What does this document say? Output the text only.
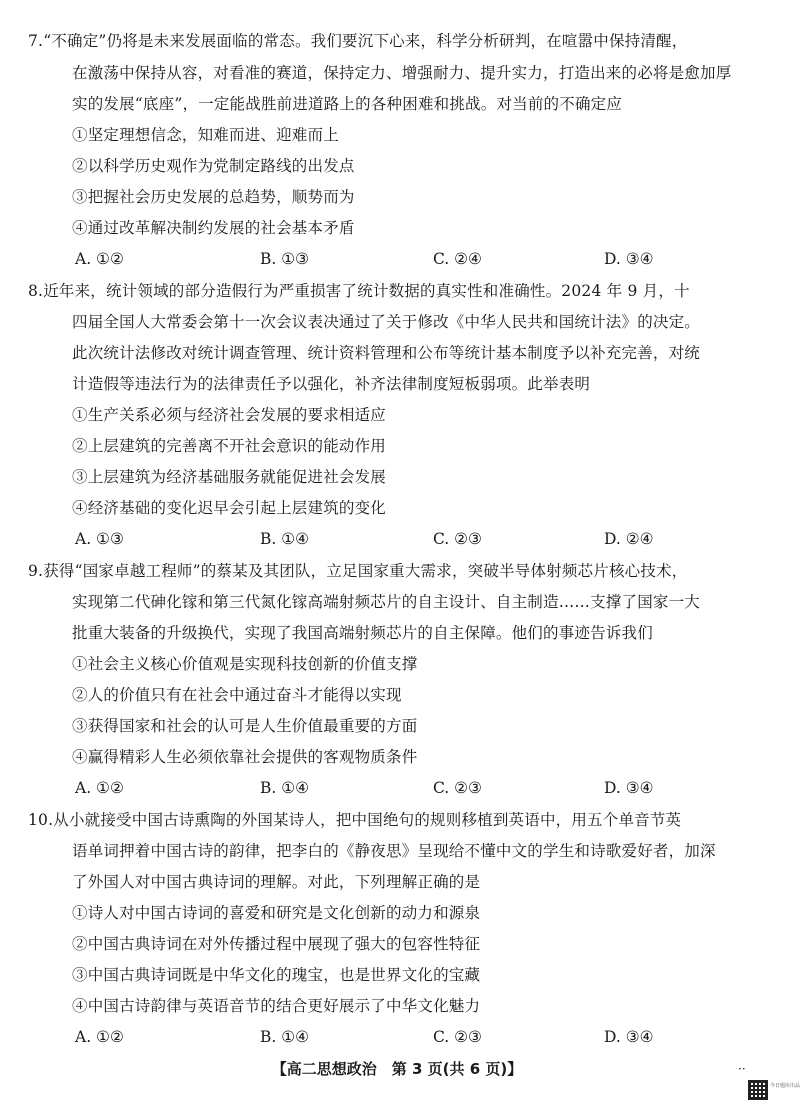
7.“不确定”仍将是未来发展面临的常态。我们要沉下心来，科学分析研判，在喧嚣中保持清醒，
在激荡中保持从容，对看准的赛道，保持定力、增强耐力、提升实力，打造出来的必将是愈加厚
实的发展“底座”，一定能战胜前进道路上的各种困难和挑战。对当前的不确定应
①坚定理想信念，知难而进、迎难而上
②以科学历史观作为党制定路线的出发点
③把握社会历史发展的总趋势，顺势而为
④通过改革解决制约发展的社会基本矛盾
A. ①②	B. ①③	C. ②④	D. ③④
8.近年来，统计领域的部分造假行为严重损害了统计数据的真实性和准确性。2024 年 9 月，十
四届全国人大常委会第十一次会议表决通过了关于修改《中华人民共和国统计法》的决定。
此次统计法修改对统计调查管理、统计资料管理和公布等统计基本制度予以补充完善，对统
计造假等违法行为的法律责任予以强化，补齐法律制度短板弱项。此举表明
①生产关系必须与经济社会发展的要求相适应
②上层建筑的完善离不开社会意识的能动作用
③上层建筑为经济基础服务就能促进社会发展
④经济基础的变化迟早会引起上层建筑的变化
A. ①③	B. ①④	C. ②③	D. ②④
9.获得“国家卓越工程师”的蔡某及其团队，立足国家重大需求，突破半导体射频芯片核心技术，
实现第二代砷化镓和第三代氮化镓高端射频芯片的自主设计、自主制造……支撑了国家一大
批重大装备的升级换代，实现了我国高端射频芯片的自主保障。他们的事迹告诉我们
①社会主义核心价值观是实现科技创新的价值支撑
②人的价值只有在社会中通过奋斗才能得以实现
③获得国家和社会的认可是人生价值最重要的方面
④赢得精彩人生必须依靠社会提供的客观物质条件
A. ①②	B. ①④	C. ②③	D. ③④
10.从小就接受中国古诗熏陶的外国某诗人，把中国绝句的规则移植到英语中，用五个单音节英
语单词押着中国古诗的韵律，把李白的《静夜思》呈现给不懂中文的学生和诗歌爱好者，加深
了外国人对中国古典诗词的理解。对此，下列理解正确的是
①诗人对中国古诗词的喜爱和研究是文化创新的动力和源泉
②中国古典诗词在对外传播过程中展现了强大的包容性特征
③中国古典诗词既是中华文化的瑰宝，也是世界文化的宝藏
④中国古诗韵律与英语音节的结合更好展示了中华文化魅力
A. ①②	B. ①④	C. ②③	D. ③④
【高二思想政治　第 3 页(共 6 页)】	··
今日题库出品
